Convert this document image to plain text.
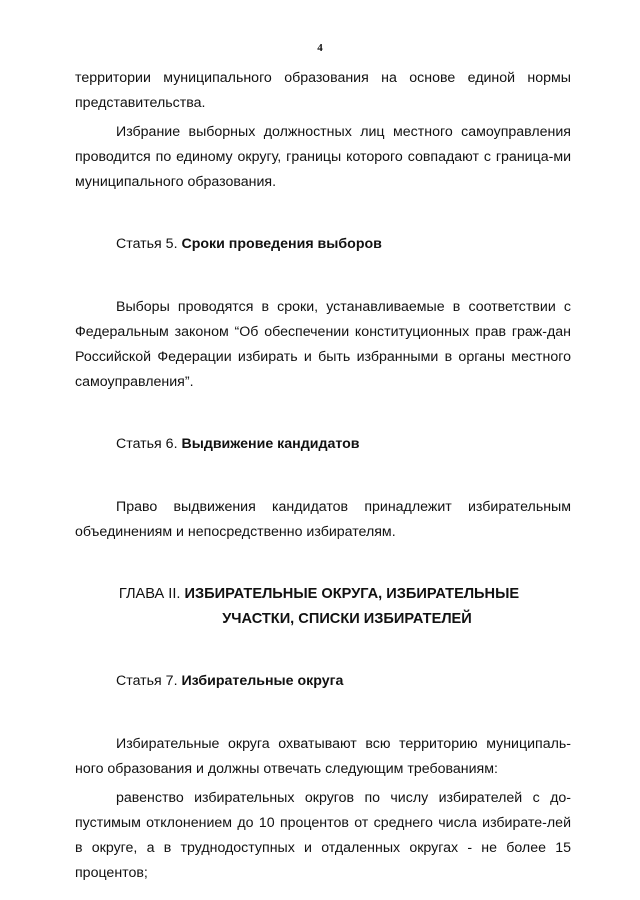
4

территории муниципального образования на основе единой нормы представительства.

Избрание выборных должностных лиц местного самоуправления проводится по единому округу, границы которого совпадают с граница-ми муниципального образования.

Статья 5. Сроки проведения выборов

Выборы проводятся в сроки, устанавливаемые в соответствии с Федеральным законом “Об обеспечении конституционных прав граж-дан Российской Федерации избирать и быть избранными в органы местного самоуправления”.

Статья 6. Выдвижение кандидатов

Право выдвижения кандидатов принадлежит избирательным объединениям и непосредственно избирателям.

ГЛАВА II. ИЗБИРАТЕЛЬНЫЕ ОКРУГА, ИЗБИРАТЕЛЬНЫЕ
УЧАСТКИ, СПИСКИ ИЗБИРАТЕЛЕЙ

Статья 7. Избирательные округа

Избирательные округа охватывают всю территорию муниципаль-ного образования и должны отвечать следующим требованиям:

равенство избирательных округов по числу избирателей с до-пустимым отклонением до 10 процентов от среднего числа избирате-лей в округе, а в труднодоступных и отдаленных округах - не более 15 процентов;
